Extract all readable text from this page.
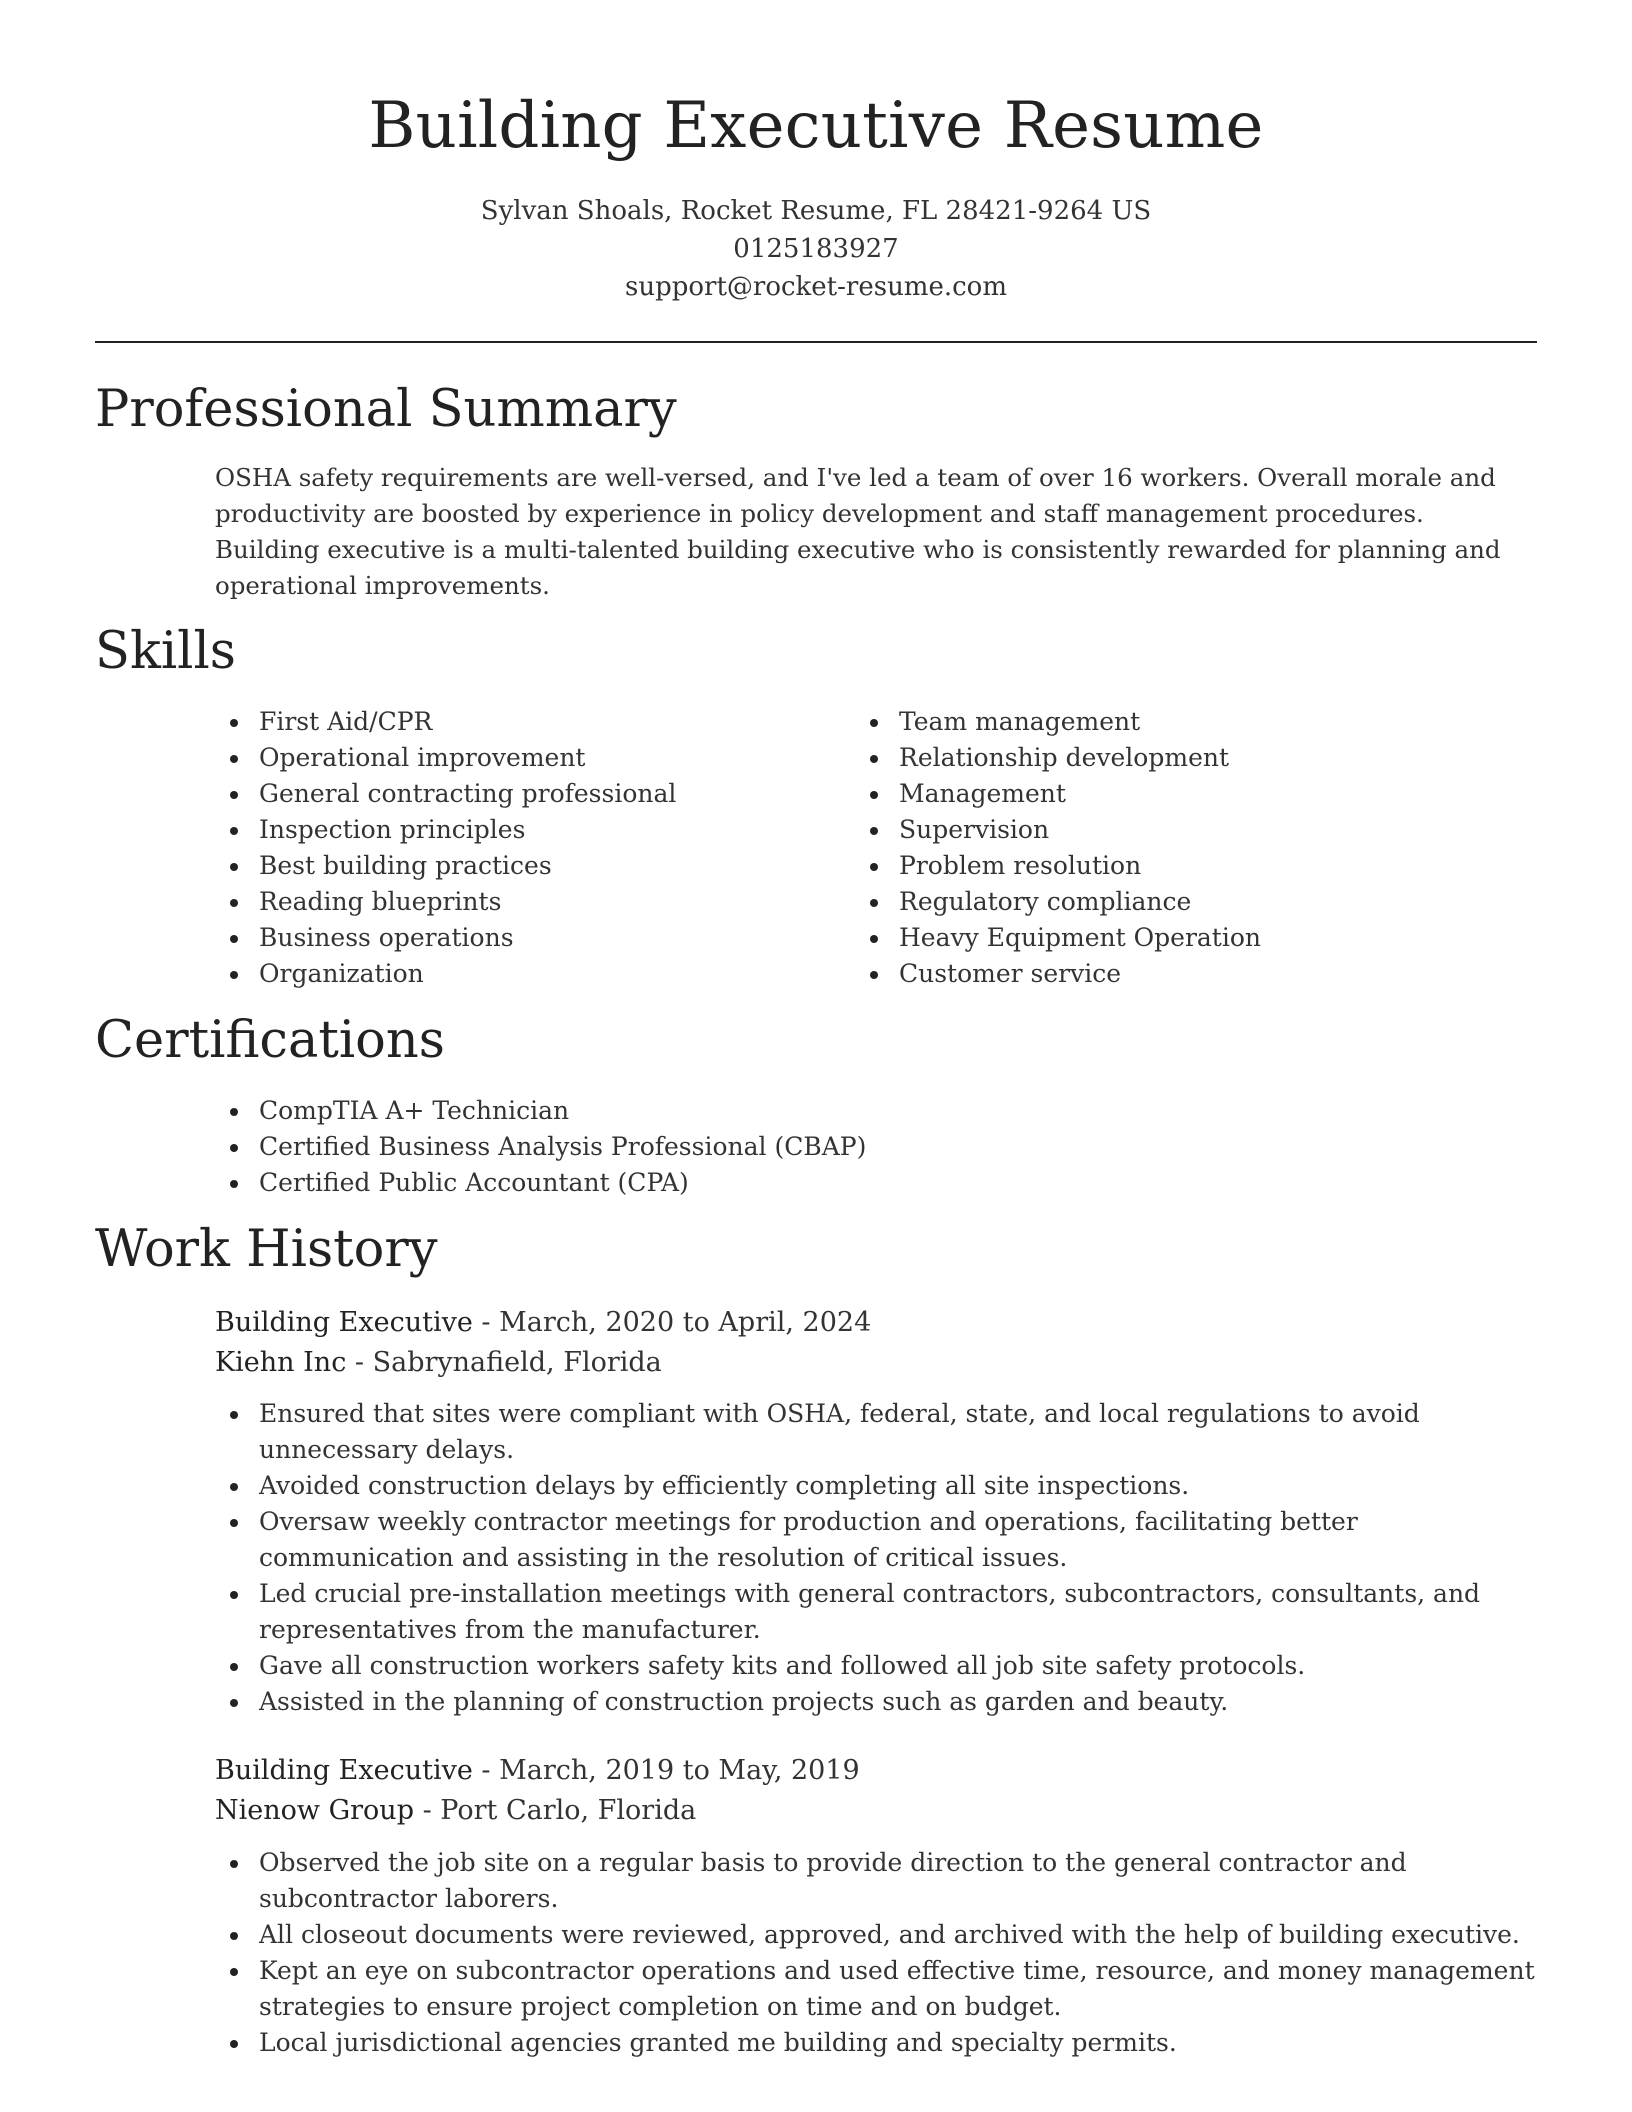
Building Executive Resume
Sylvan Shoals, Rocket Resume, FL 28421-9264 US
0125183927
support@rocket-resume.com
Professional Summary

OSHA safety requirements are well-versed, and I've led a team of over 16 workers. Overall morale and productivity are boosted by experience in policy development and staff management procedures. Building executive is a multi-talented building executive who is consistently rewarded for planning and operational improvements.

Skills
First Aid/CPR
Operational improvement
General contracting professional
Inspection principles
Best building practices
Reading blueprints
Business operations
Organization
Team management
Relationship development
Management
Supervision
Problem resolution
Regulatory compliance
Heavy Equipment Operation
Customer service
Certifications
CompTIA A+ Technician
Certified Business Analysis Professional (CBAP)
Certified Public Accountant (CPA)
Work History
Building Executive - March, 2020 to April, 2024
Kiehn Inc - Sabrynafield, Florida
Ensured that sites were compliant with OSHA, federal, state, and local regulations to avoid unnecessary delays.
Avoided construction delays by efficiently completing all site inspections.
Oversaw weekly contractor meetings for production and operations, facilitating better communication and assisting in the resolution of critical issues.
Led crucial pre-installation meetings with general contractors, subcontractors, consultants, and representatives from the manufacturer.
Gave all construction workers safety kits and followed all job site safety protocols.
Assisted in the planning of construction projects such as garden and beauty.
Building Executive - March, 2019 to May, 2019
Nienow Group - Port Carlo, Florida
Observed the job site on a regular basis to provide direction to the general contractor and subcontractor laborers.
All closeout documents were reviewed, approved, and archived with the help of building executive.
Kept an eye on subcontractor operations and used effective time, resource, and money management strategies to ensure project completion on time and on budget.
Local jurisdictional agencies granted me building and specialty permits.
